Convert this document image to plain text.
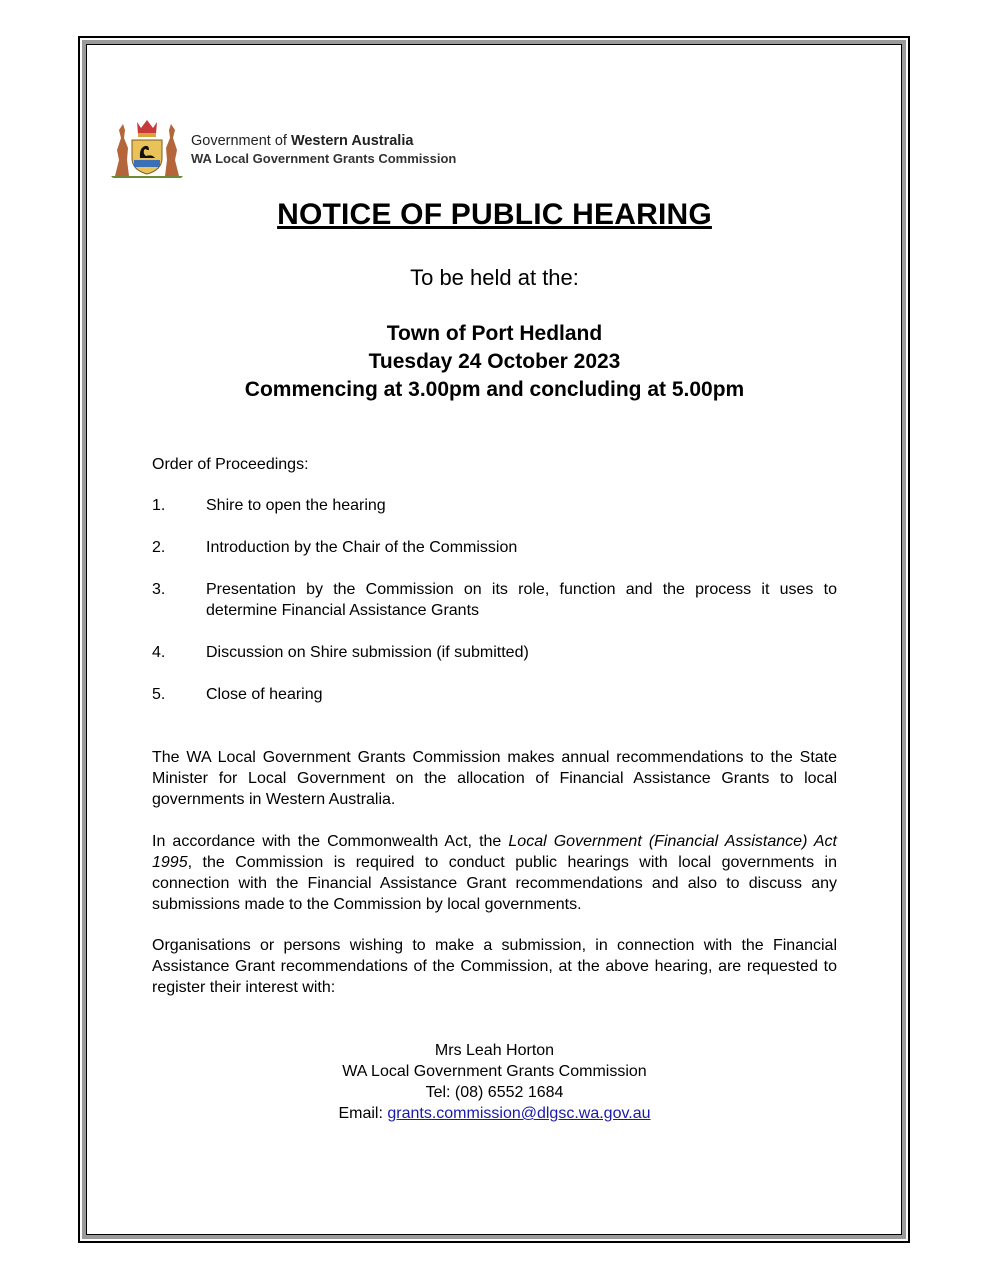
Government of Western Australia
WA Local Government Grants Commission
NOTICE OF PUBLIC HEARING
To be held at the:
Town of Port Hedland
Tuesday 24 October 2023
Commencing at 3.00pm and concluding at 5.00pm
Order of Proceedings:
1.	Shire to open the hearing
2.	Introduction by the Chair of the Commission
3.	Presentation by the Commission on its role, function and the process it uses to determine Financial Assistance Grants
4.	Discussion on Shire submission (if submitted)
5.	Close of hearing
The WA Local Government Grants Commission makes annual recommendations to the State Minister for Local Government on the allocation of Financial Assistance Grants to local governments in Western Australia.
In accordance with the Commonwealth Act, the Local Government (Financial Assistance) Act 1995, the Commission is required to conduct public hearings with local governments in connection with the Financial Assistance Grant recommendations and also to discuss any submissions made to the Commission by local governments.
Organisations or persons wishing to make a submission, in connection with the Financial Assistance Grant recommendations of the Commission, at the above hearing, are requested to register their interest with:
Mrs Leah Horton
WA Local Government Grants Commission
Tel: (08) 6552 1684
Email: grants.commission@dlgsc.wa.gov.au
